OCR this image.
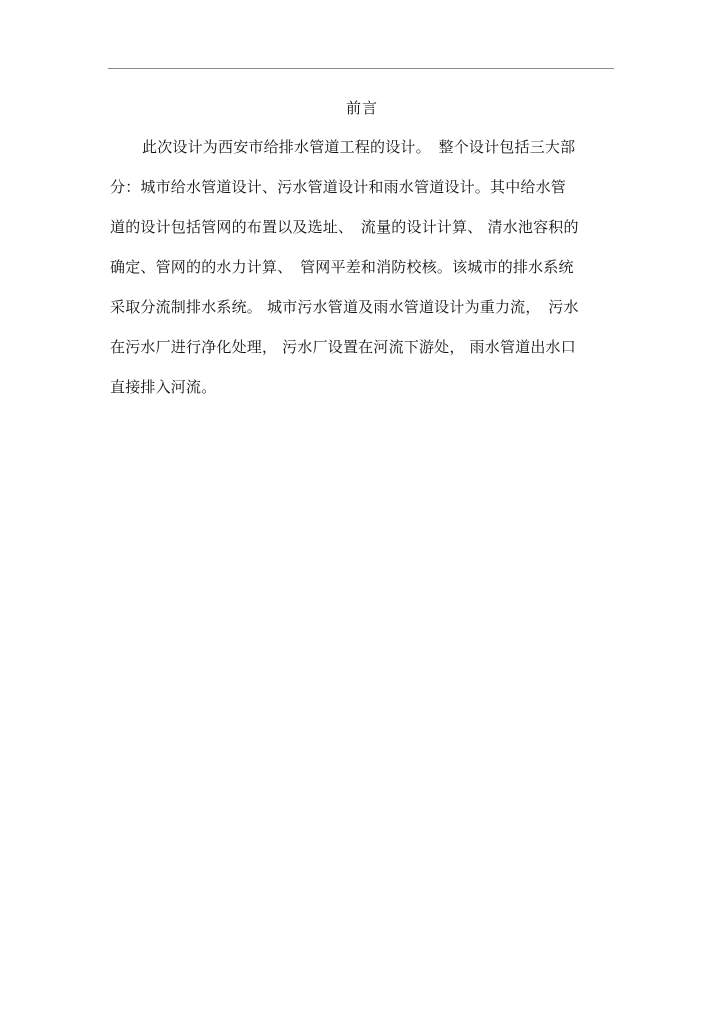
前言
此次设计为西安市给排水管道工程的设计。　整个设计包括三大部
分：城市给水管道设计、污水管道设计和雨水管道设计。其中给水管
道的设计包括管网的布置以及选址、　流量的设计计算、 清水池容积的
确定、管网的的水力计算、　管网平差和消防校核。该城市的排水系统
采取分流制排水系统。 城市污水管道及雨水管道设计为重力流，　污水
在污水厂进行净化处理， 污水厂设置在河流下游处， 雨水管道出水口
直接排入河流。
